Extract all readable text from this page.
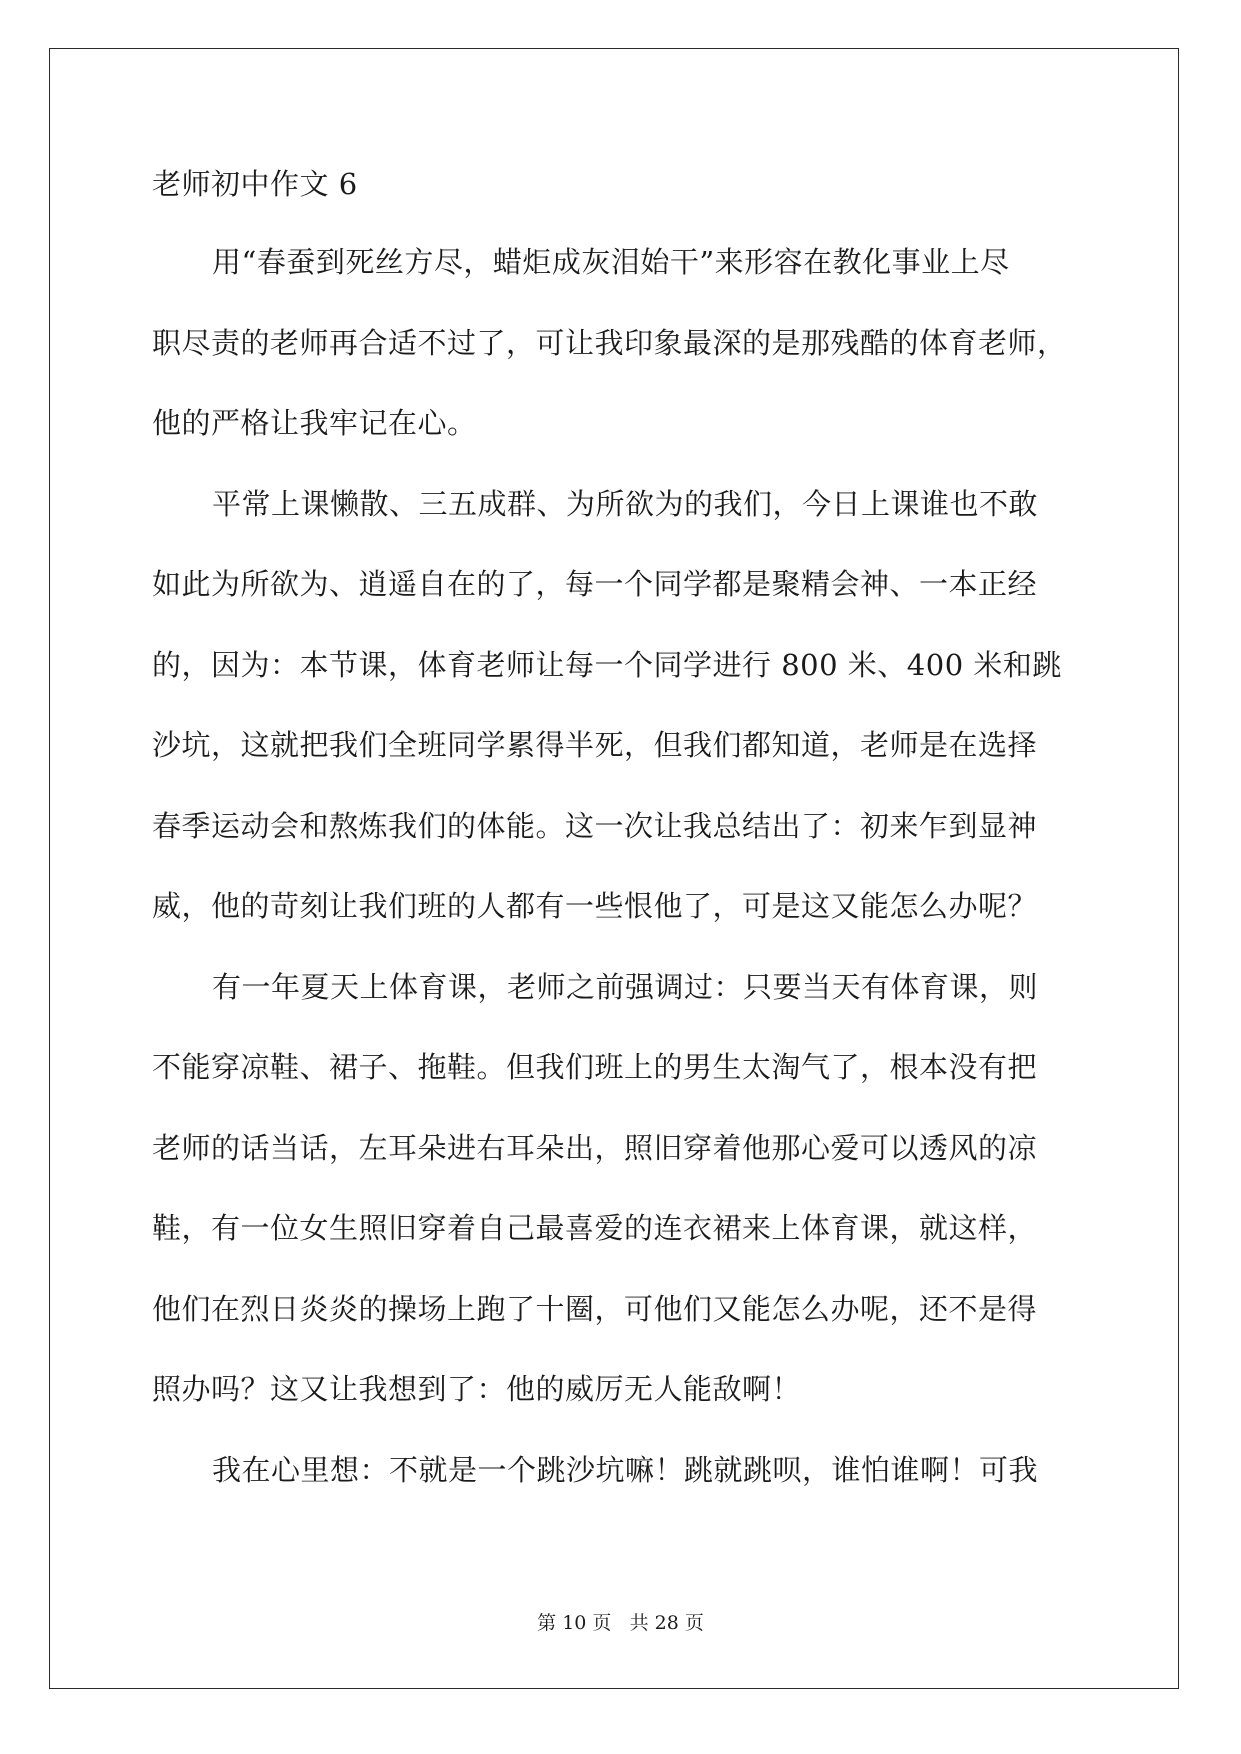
老师初中作文 6
用“春蚕到死丝方尽，蜡炬成灰泪始干”来形容在教化事业上尽
职尽责的老师再合适不过了，可让我印象最深的是那残酷的体育老师，
他的严格让我牢记在心。
平常上课懒散、三五成群、为所欲为的我们，今日上课谁也不敢
如此为所欲为、逍遥自在的了，每一个同学都是聚精会神、一本正经
的，因为：本节课，体育老师让每一个同学进行 800 米、400 米和跳
沙坑，这就把我们全班同学累得半死，但我们都知道，老师是在选择
春季运动会和熬炼我们的体能。这一次让我总结出了：初来乍到显神
威，他的苛刻让我们班的人都有一些恨他了，可是这又能怎么办呢？
有一年夏天上体育课，老师之前强调过：只要当天有体育课，则
不能穿凉鞋、裙子、拖鞋。但我们班上的男生太淘气了，根本没有把
老师的话当话，左耳朵进右耳朵出，照旧穿着他那心爱可以透风的凉
鞋，有一位女生照旧穿着自己最喜爱的连衣裙来上体育课，就这样，
他们在烈日炎炎的操场上跑了十圈，可他们又能怎么办呢，还不是得
照办吗？这又让我想到了：他的威厉无人能敌啊！
我在心里想：不就是一个跳沙坑嘛！跳就跳呗，谁怕谁啊！可我
第 10 页 共 28 页
